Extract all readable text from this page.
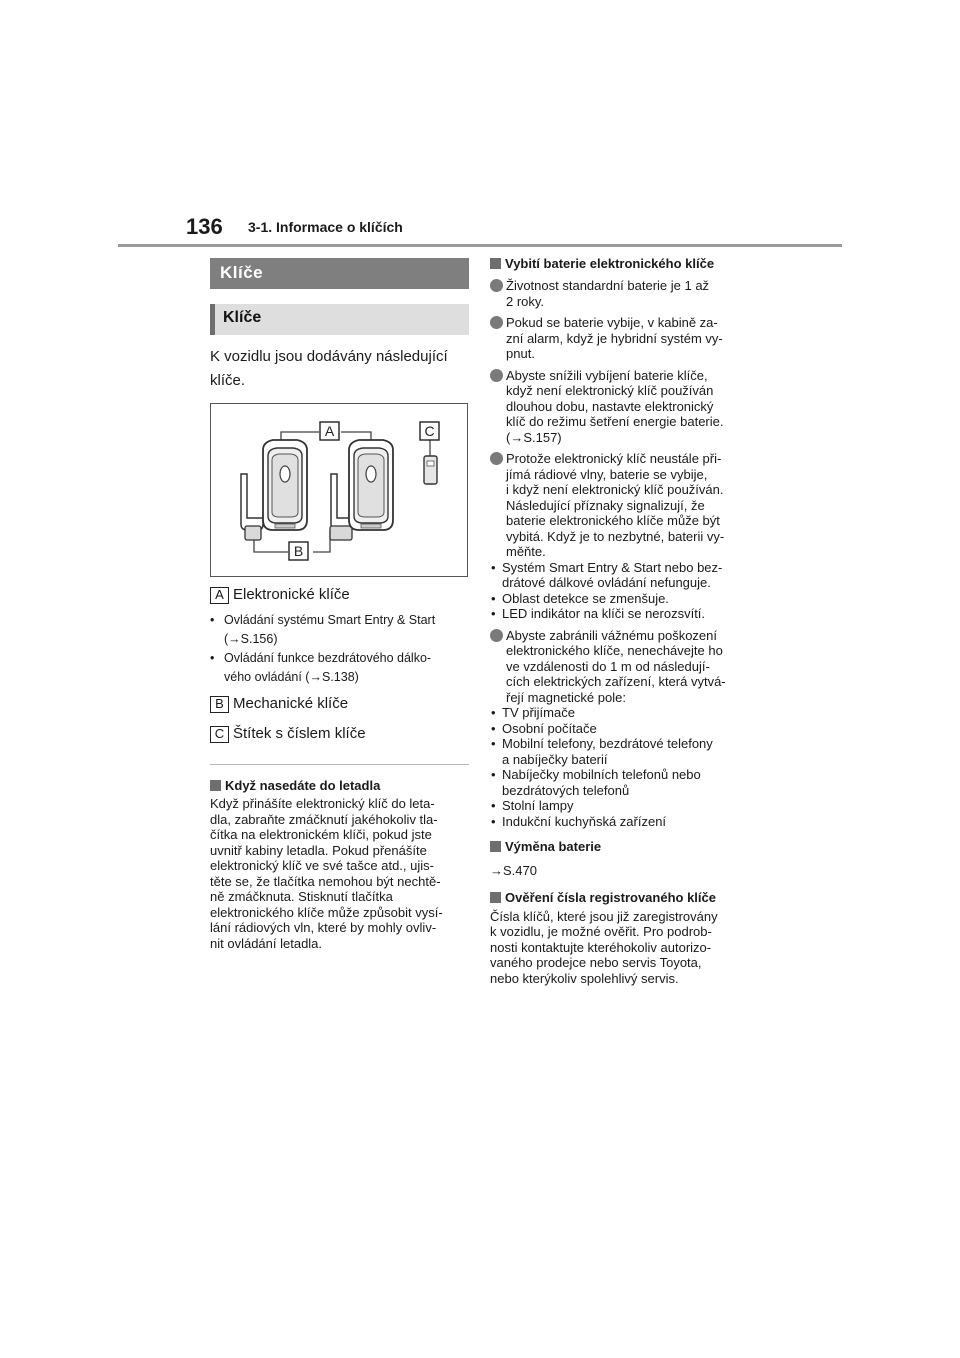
136 3-1. Informace o klíčích
Klíče
Klíče
K vozidlu jsou dodávány následující klíče.
A	C
B
A Elektronické klíče
• Ovládání systému Smart Entry & Start
(→S.156)
• Ovládání funkce bezdrátového dálko-
vého ovládání (→S.138)
B Mechanické klíče
C Štítek s číslem klíče
Když nasedáte do letadla
Když přinášíte elektronický klíč do leta-
dla, zabraňte zmáčknutí jakéhokoliv tla-
čítka na elektronickém klíči, pokud jste
uvnitř kabiny letadla. Pokud přenášíte
elektronický klíč ve své tašce atd., ujis-
těte se, že tlačítka nemohou být nechtě-
ně zmáčknuta. Stisknutí tlačítka
elektronického klíče může způsobit vysí-
lání rádiových vln, které by mohly ovliv-
nit ovládání letadla.
Vybití baterie elektronického klíče
Životnost standardní baterie je 1 až
2 roky.
Pokud se baterie vybije, v kabině za-
zní alarm, když je hybridní systém vy-
pnut.
Abyste snížili vybíjení baterie klíče,
když není elektronický klíč používán
dlouhou dobu, nastavte elektronický
klíč do režimu šetření energie baterie.
(→S.157)
Protože elektronický klíč neustále při-
jímá rádiové vlny, baterie se vybije,
i když není elektronický klíč používán.
Následující příznaky signalizují, že
baterie elektronického klíče může být
vybitá. Když je to nezbytné, baterii vy-
měňte.
• Systém Smart Entry & Start nebo bez-
drátové dálkové ovládání nefunguje.
• Oblast detekce se zmenšuje.
• LED indikátor na klíči se nerozsvítí.
Abyste zabránili vážnému poškození
elektronického klíče, nenechávejte ho
ve vzdálenosti do 1 m od následují-
cích elektrických zařízení, která vytvá-
řejí magnetické pole:
• TV přijímače
• Osobní počítače
• Mobilní telefony, bezdrátové telefony
a nabíječky baterií
• Nabíječky mobilních telefonů nebo
bezdrátových telefonů
• Stolní lampy
• Indukční kuchyňská zařízení
Výměna baterie
→S.470
Ověření čísla registrovaného klíče
Čísla klíčů, které jsou již zaregistrovány
k vozidlu, je možné ověřit. Pro podrob-
nosti kontaktujte kteréhokoliv autorizo-
vaného prodejce nebo servis Toyota,
nebo kterýkoliv spolehlivý servis.
